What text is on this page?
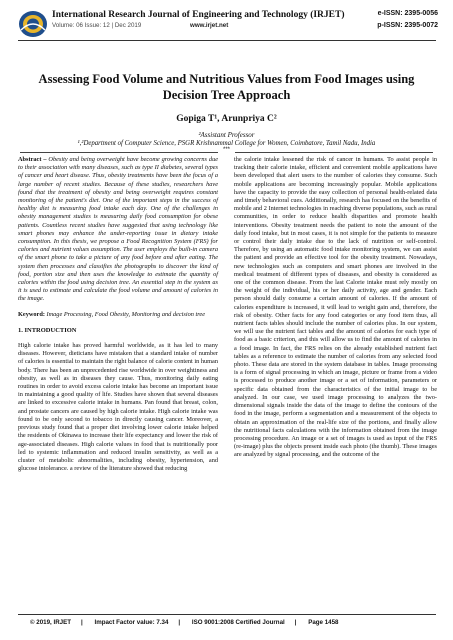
International Research Journal of Engineering and Technology (IRJET)
Volume: 06 Issue: 12 | Dec 2019	www.irjet.net
e-ISSN: 2395-0056
p-ISSN: 2395-0072
Assessing Food Volume and Nutritious Values from Food Images using
Decision Tree Approach
Gopiga T¹, Arunpriya C²
²Assistant Professor
¹,²Department of Computer Science, PSGR Krishnammal College for Women, Coimbatore, Tamil Nadu, India
***

Abstract – Obesity and being overweight have become growing concerns due to their association with many diseases, such as type II diabetes, several types of cancer and heart disease. Thus, obesity treatments have been the focus of a large number of recent studies. Because of these studies, researchers have found that the treatment of obesity and being overweight requires constant monitoring of the patient's diet. One of the important steps in the success of healthy diet is measuring food intake each day. One of the challenges in obesity management studies is measuring daily food consumption for obese patients. Countless recent studies have suggested that using technology like smart phones may enhance the under-reporting issue in dietary intake consumption. In this thesis, we propose a Food Recognition System (FRS) for calories and nutrient values assumption. The user employs the built-in camera of the smart phone to take a picture of any food before and after eating. The system then processes and classifies the photographs to discover the kind of food, portion size and then uses the knowledge to estimate the quantity of calories within the food using decision tree. An essential step in the system as it is used to estimate and calculate the food volume and amount of calories in the image.

Keyword: Image Processing, Food Obesity, Monitoring and decision tree

1. INTRODUCTION

High calorie intake has proved harmful worldwide, as it has led to many diseases. However, dieticians have mistaken that a standard intake of number of calories is essential to maintain the right balance of calorie content in human body. There has been an unprecedented rise worldwide in over weightiness and obesity, as well as in diseases they cause. Thus, monitoring daily eating routines in order to avoid excess calorie intake has become an important issue in maintaining a good quality of life. Studies have shown that several diseases are linked to excessive calorie intake in humans. Pan found that breast, colon, and prostate cancers are caused by high calorie intake. High calorie intake was found to be only second to tobacco in directly causing cancer. Moreover, a previous study found that a proper diet involving lower calorie intake helped the residents of Okinawa to increase their life expectancy and lower the risk of age-associated diseases. High calorie values in food that is nutritionally poor led to systemic inflammation and reduced insulin sensitivity, as well as a cluster of metabolic abnormalities, including obesity, hypertension, and glucose intolerance. a review of the literature showed that reducing

the calorie intake lessened the risk of cancer in humans. To assist people in tracking their calorie intake, efficient and convenient mobile applications have been developed that alert users to the number of calories they consume. Such mobile applications are becoming increasingly popular. Mobile applications have the capacity to provide the easy collection of personal health-related data and timely behavioral cues. Additionally, research has focused on the benefits of mobile and 2 Internet technologies in reaching diverse populations, such as rural communities, in order to reduce health disparities and promote health interventions. Obesity treatment needs the patient to note the amount of the daily food intake, but in most cases, it is not simple for the patients to measure or control their daily intake due to the lack of nutrition or self-control. Therefore, by using an automatic food intake monitoring system, we can assist the patient and provide an effective tool for the obesity treatment. Nowadays, new technologies such as computers and smart phones are involved in the medical treatment of different types of diseases, and obesity is considered as one of the common disease. From the last Calorie intake must rely mostly on the weight of the individual, his or her daily activity, age and gender. Each person should daily consume a certain amount of calories. If the amount of calories expenditure is increased, it will lead to weight gain and, therefore, the risk of obesity. Other facts for any food categories or any food item thus, all nutrient facts tables should include the number of calories plus. In our system, we will use the nutrient fact tables and the amount of calories for each type of food as a basic criterion, and this will allow us to find the amount of calories in a food image. In fact, the FRS relies on the already established nutrient fact tables as a reference to estimate the number of calories from any selected food photo. These data are stored in the system database in tables. Image processing is a form of signal processing in which an image, picture or frame from a video is processed to produce another image or a set of information, parameters or specific data obtained from the characteristics of the initial image to be analyzed. In our case, we used image processing to analyzes the two-dimensional signals inside the data of the image to define the contours of the food in the image, perform a segmentation and a measurement of the objects to obtain an approximation of the real-life size of the portions, and finally allow the nutritional facts calculations with the information obtained from the image processing procedure. An image or a set of images is used as input of the FRS (re-image) plus the objects present inside each photo (the thumb). These images are analyzed by signal processing, and the outcome of the

© 2019, IRJET | Impact Factor value: 7.34 | ISO 9001:2008 Certified Journal | Page 1458
